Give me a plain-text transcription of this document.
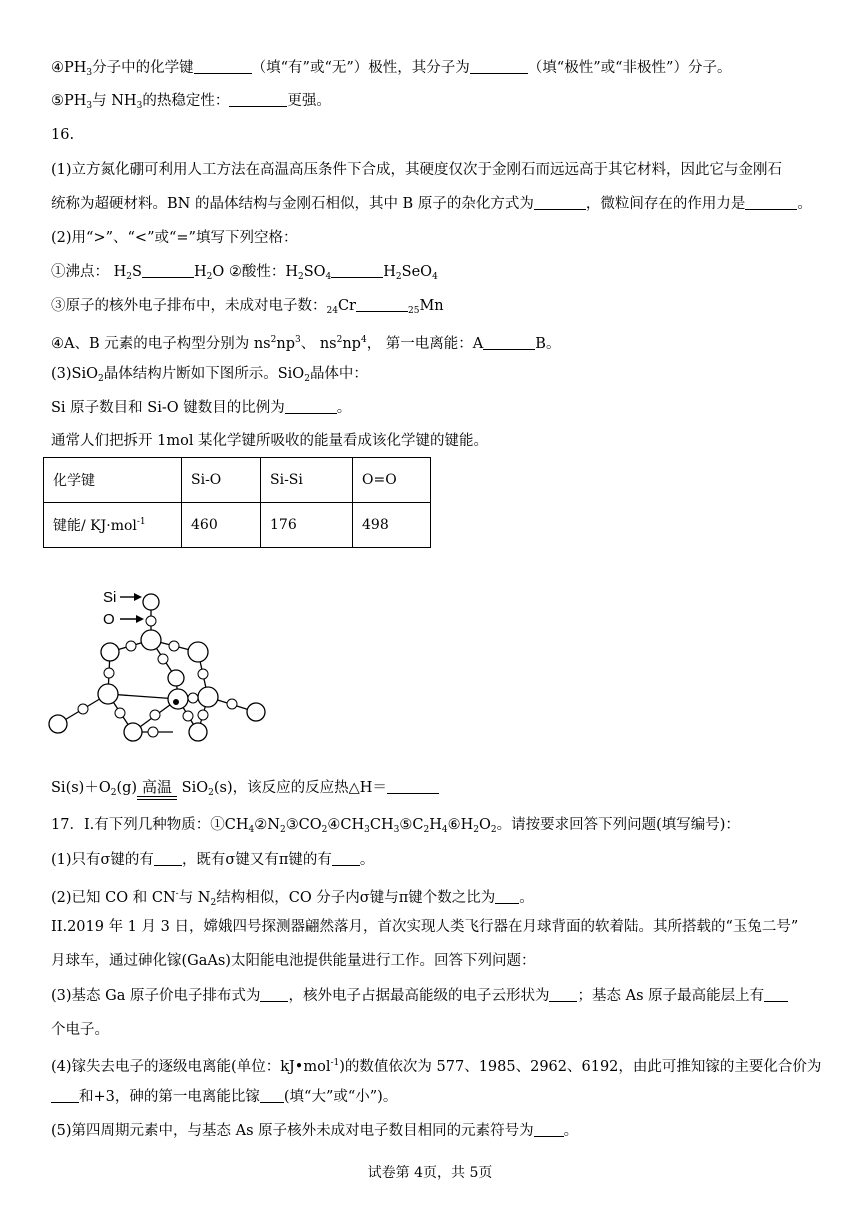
$④PH_3$分子中的化学键	（填“有”或“无”）极性，其分子为	（填“极性”或“非极性”）分子。
$⑤PH_3$与 $NH_3$的热稳定性：	更强。
16.
(1)立方氮化硼可利用人工方法在高温高压条件下合成，其硬度仅次于金刚石而远远高于其它材料，因此它与金刚石
统称为超硬材料。BN 的晶体结构与金刚石相似，其中 B 原子的杂化方式为	，微粒间存在的作用力是	。
(2)用“>”、“<”或“=”填写下列空格：
①沸点： $H_2S$	$H_2O$ ②酸性：$H_2SO_4$	$H_2SeO_4$
③原子的核外电子排布中，未成对电子数：$_{24}$Cr	$_{25}$Mn
④A、B 元素的电子构型分别为 $ns^2np^3$、 $ns^2np^4$， 第一电离能：A	B。
(3)SiO$_2$晶体结构片断如下图所示。SiO$_2$晶体中：
Si 原子数目和 Si-O 键数目的比例为	。
通常人们把拆开 1mol 某化学键所吸收的能量看成该化学键的键能。
化学键	Si-O	Si-Si	O=O
键能/ KJ·mol$^{-1}$	460	176	498
Si
O
$Si(s)+O_2(g)$ 高温 SiO$_2$(s)，该反应的反应热△H＝
17．I.有下列几种物质：$①CH_4②N_2③CO_2④CH_3CH_3⑤C_2H_4⑥H_2O_2$。请按要求回答下列问题(填写编号)：
(1)只有σ键的有 ，既有σ键又有π键的有 。
(2)已知 CO 和 CN-与 $N_2$结构相似，CO 分子内σ键与π键个数之比为 。
II.2019 年 1 月 3 日，嫦娥四号探测器翩然落月，首次实现人类飞行器在月球背面的软着陆。其所搭载的“玉兔二号”
月球车，通过砷化镓(GaAs)太阳能电池提供能量进行工作。回答下列问题：
(3)基态 Ga 原子价电子排布式为 ，核外电子占据最高能级的电子云形状为 ；基态 As 原子最高能层上有
个电子。
(4)镓失去电子的逐级电离能(单位：kJ•mol$^{-1}$)的数值依次为 577、1985、2962、6192，由此可推知镓的主要化合价为
和+3，砷的第一电离能比镓 (填“大”或“小”)。
(5)第四周期元素中，与基态 As 原子核外未成对电子数目相同的元素符号为 。
试卷第 4页，共 5页
